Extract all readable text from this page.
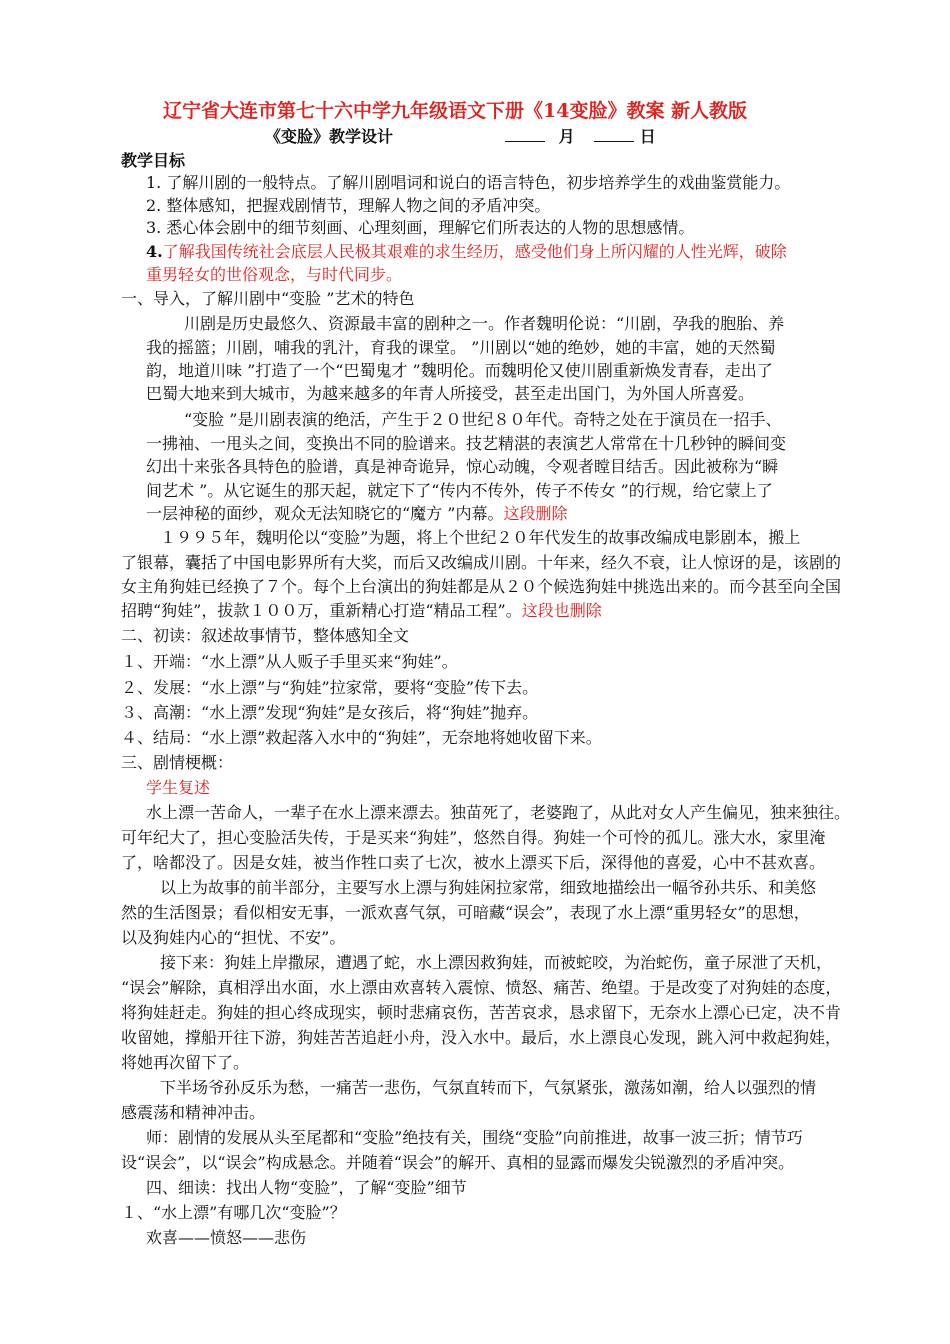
辽宁省大连市第七十六中学九年级语文下册《14变脸》教案 新人教版
《变脸》教学设计	月	日
教学目标
1. 了解川剧的一般特点。了解川剧唱词和说白的语言特色，初步培养学生的戏曲鉴赏能力。
2. 整体感知，把握戏剧情节，理解人物之间的矛盾冲突。
3. 悉心体会剧中的细节刻画、心理刻画，理解它们所表达的人物的思想感情。
4.了解我国传统社会底层人民极其艰难的求生经历，感受他们身上所闪耀的人性光辉，破除
重男轻女的世俗观念，与时代同步。
一、导入，了解川剧中“变脸 ”艺术的特色
川剧是历史最悠久、资源最丰富的剧种之一。作者魏明伦说：“川剧，孕我的胞胎、养
我的摇篮；川剧，哺我的乳汁，育我的课堂。 ”川剧以“她的绝妙，她的丰富，她的天然蜀
韵，地道川味 ”打造了一个“巴蜀鬼才 ”魏明伦。而魏明伦又使川剧重新焕发青春，走出了
巴蜀大地来到大城市，为越来越多的年青人所接受，甚至走出国门，为外国人所喜爱。
“变脸 ”是川剧表演的绝活，产生于２０世纪８０年代。奇特之处在于演员在一招手、
一拂袖、一甩头之间，变换出不同的脸谱来。技艺精湛的表演艺人常常在十几秒钟的瞬间变
幻出十来张各具特色的脸谱，真是神奇诡异，惊心动魄，令观者瞠目结舌。因此被称为“瞬
间艺术 ”。从它诞生的那天起，就定下了“传内不传外，传子不传女 ”的行规，给它蒙上了
一层神秘的面纱，观众无法知晓它的“魔方 ”内幕。这段删除
１９９５年，魏明伦以“变脸”为题，将上个世纪２０年代发生的故事改编成电影剧本，搬上
了银幕，囊括了中国电影界所有大奖，而后又改编成川剧。十年来，经久不衰，让人惊讶的是，该剧的
女主角狗娃已经换了７个。每个上台演出的狗娃都是从２０个候选狗娃中挑选出来的。而今甚至向全国
招聘“狗娃”，拔款１００万，重新精心打造“精品工程”。这段也删除
二、初读：叙述故事情节，整体感知全文
１、开端：“水上漂”从人贩子手里买来“狗娃”。
２、发展：“水上漂”与“狗娃”拉家常，要将“变脸”传下去。
３、高潮：“水上漂”发现“狗娃”是女孩后，将“狗娃”抛弃。
４、结局：“水上漂”救起落入水中的“狗娃”，无奈地将她收留下来。
三、剧情梗概：
学生复述
水上漂一苦命人，一辈子在水上漂来漂去。独苗死了，老婆跑了，从此对女人产生偏见，独来独往。
可年纪大了，担心变脸活失传，于是买来“狗娃”，悠然自得。狗娃一个可怜的孤儿。涨大水，家里淹
了，啥都没了。因是女娃，被当作牲口卖了七次，被水上漂买下后，深得他的喜爱，心中不甚欢喜。
以上为故事的前半部分，主要写水上漂与狗娃闲拉家常，细致地描绘出一幅爷孙共乐、和美悠
然的生活图景；看似相安无事，一派欢喜气氛，可暗藏“误会”，表现了水上漂“重男轻女”的思想，
以及狗娃内心的“担忧、不安”。
接下来：狗娃上岸撒尿，遭遇了蛇，水上漂因救狗娃，而被蛇咬，为治蛇伤，童子尿泄了天机，
“误会”解除，真相浮出水面，水上漂由欢喜转入震惊、愤怒、痛苦、绝望。于是改变了对狗娃的态度，
将狗娃赶走。狗娃的担心终成现实，顿时悲痛哀伤，苦苦哀求，恳求留下，无奈水上漂心已定，决不肯
收留她，撑船开往下游，狗娃苦苦追赶小舟，没入水中。最后，水上漂良心发现，跳入河中救起狗娃，
将她再次留下了。
下半场爷孙反乐为愁，一痛苦一悲伤，气氛直转而下，气氛紧张，激荡如潮，给人以强烈的情
感震荡和精神冲击。
师：剧情的发展从头至尾都和“变脸”绝技有关，围绕“变脸”向前推进，故事一波三折；情节巧
设“误会”，以“误会”构成悬念。并随着“误会”的解开、真相的显露而爆发尖锐激烈的矛盾冲突。
四、细读：找出人物“变脸”，了解“变脸”细节
１、“水上漂”有哪几次“变脸”？
欢喜——愤怒——悲伤
